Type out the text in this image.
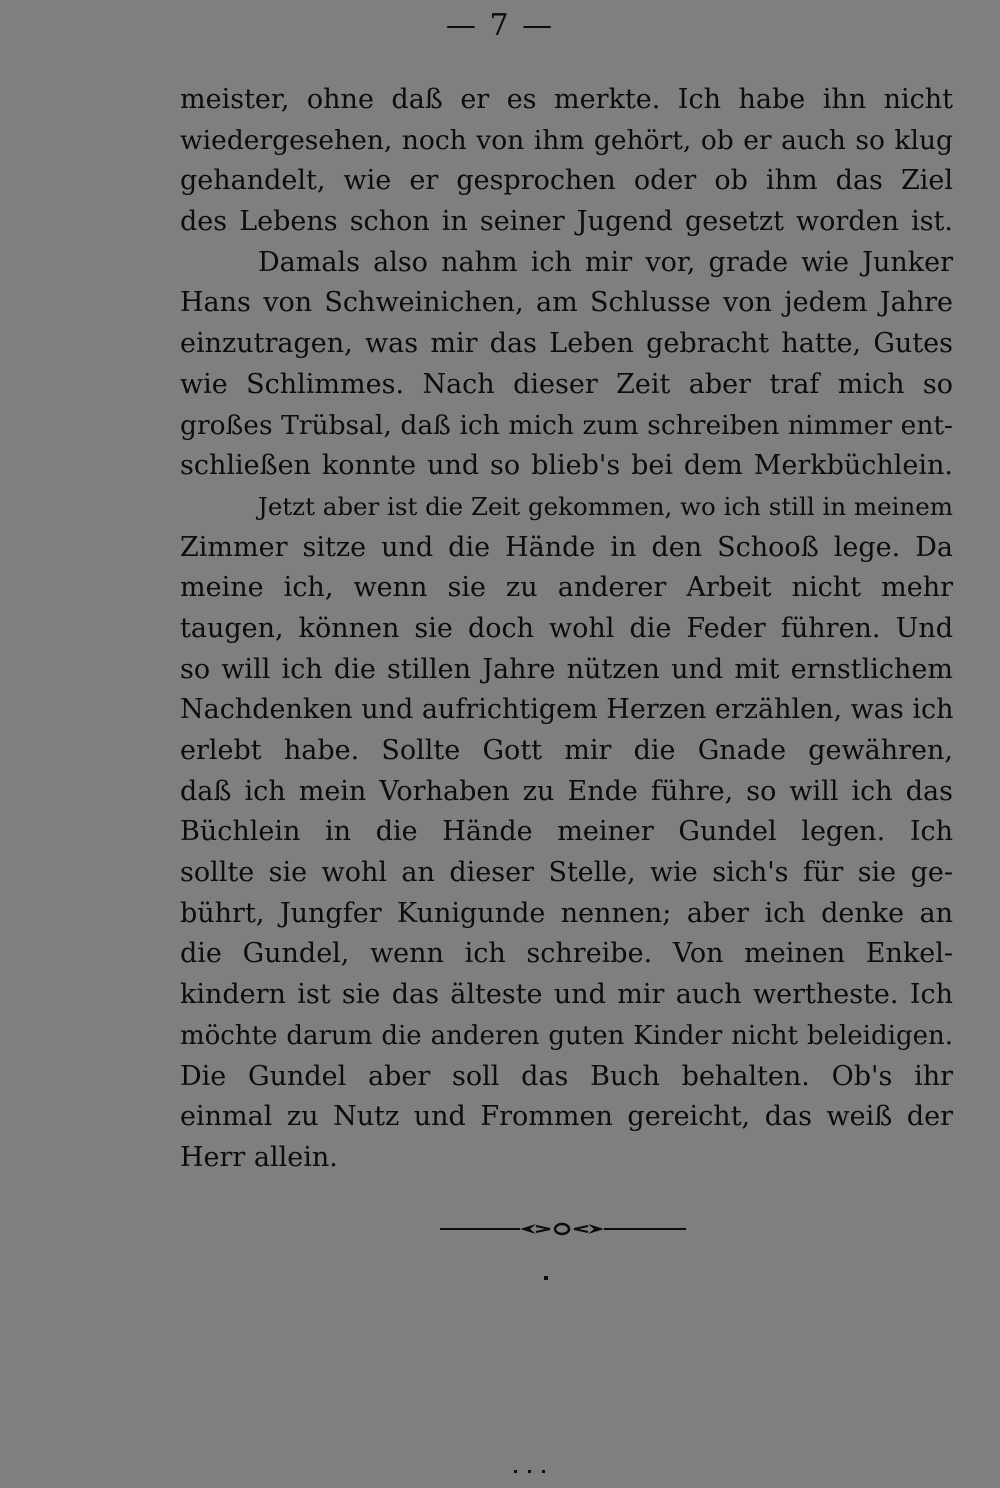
— 7 —
meister, ohne daß er es merkte. Ich habe ihn nicht
wiedergesehen, noch von ihm gehört, ob er auch so klug
gehandelt, wie er gesprochen oder ob ihm das Ziel
des Lebens schon in seiner Jugend gesetzt worden ist.
Damals also nahm ich mir vor, grade wie Junker
Hans von Schweinichen, am Schlusse von jedem Jahre
einzutragen, was mir das Leben gebracht hatte, Gutes
wie Schlimmes. Nach dieser Zeit aber traf mich so
großes Trübsal, daß ich mich zum schreiben nimmer ent-
schließen konnte und so blieb's bei dem Merkbüchlein.
Jetzt aber ist die Zeit gekommen, wo ich still in meinem
Zimmer sitze und die Hände in den Schooß lege. Da
meine ich, wenn sie zu anderer Arbeit nicht mehr
taugen, können sie doch wohl die Feder führen. Und
so will ich die stillen Jahre nützen und mit ernstlichem
Nachdenken und aufrichtigem Herzen erzählen, was ich
erlebt habe. Sollte Gott mir die Gnade gewähren,
daß ich mein Vorhaben zu Ende führe, so will ich das
Büchlein in die Hände meiner Gundel legen. Ich
sollte sie wohl an dieser Stelle, wie sich's für sie ge-
bührt, Jungfer Kunigunde nennen; aber ich denke an
die Gundel, wenn ich schreibe. Von meinen Enkel-
kindern ist sie das älteste und mir auch wertheste. Ich
möchte darum die anderen guten Kinder nicht beleidigen.
Die Gundel aber soll das Buch behalten. Ob's ihr
einmal zu Nutz und Frommen gereicht, das weiß der
Herr allein.
